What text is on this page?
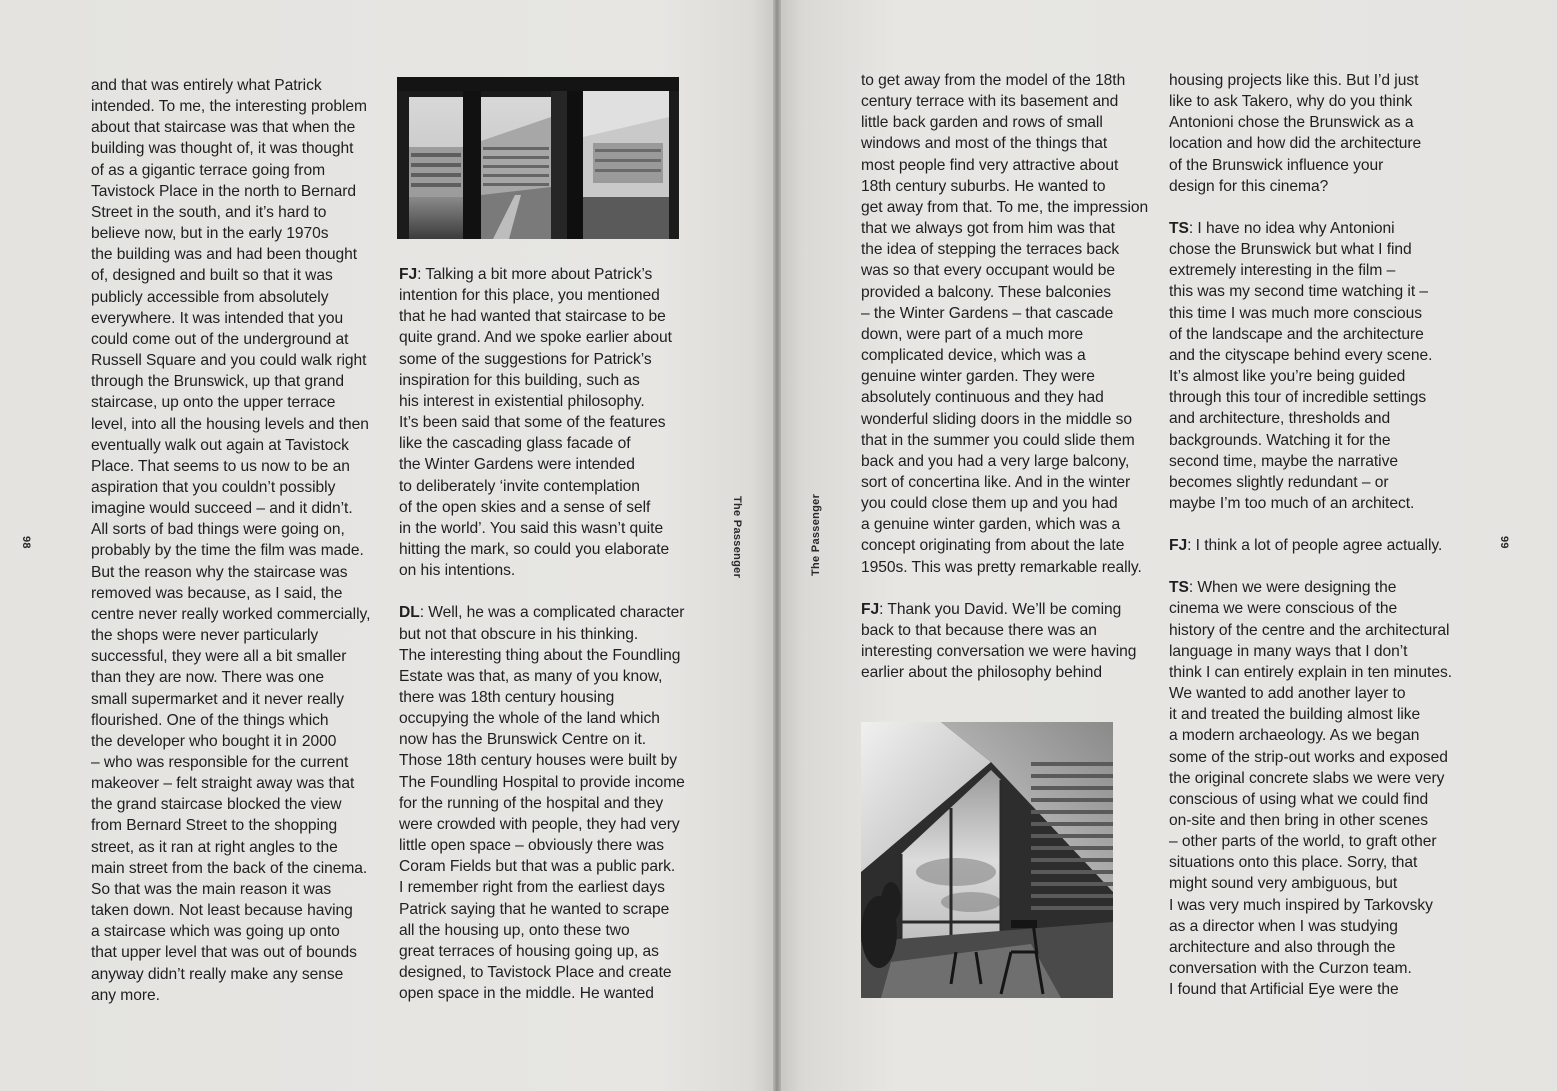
and that was entirely what Patrick
intended. To me, the interesting problem
about that staircase was that when the
building was thought of, it was thought
of as a gigantic terrace going from
Tavistock Place in the north to Bernard
Street in the south, and it’s hard to
believe now, but in the early 1970s
the building was and had been thought
of, designed and built so that it was
publicly accessible from absolutely
everywhere. It was intended that you
could come out of the underground at
Russell Square and you could walk right
through the Brunswick, up that grand
staircase, up onto the upper terrace
level, into all the housing levels and then
eventually walk out again at Tavistock
Place. That seems to us now to be an
aspiration that you couldn’t possibly
imagine would succeed – and it didn’t.
All sorts of bad things were going on,
probably by the time the film was made.
But the reason why the staircase was
removed was because, as I said, the
centre never really worked commercially,
the shops were never particularly
successful, they were all a bit smaller
than they are now. There was one
small supermarket and it never really
flourished. One of the things which
the developer who bought it in 2000
– who was responsible for the current
makeover – felt straight away was that
the grand staircase blocked the view
from Bernard Street to the shopping
street, as it ran at right angles to the
main street from the back of the cinema.
So that was the main reason it was
taken down. Not least because having
a staircase which was going up onto
that upper level that was out of bounds
anyway didn’t really make any sense
any more.

FJ: Talking a bit more about Patrick’s
intention for this place, you mentioned
that he had wanted that staircase to be
quite grand. And we spoke earlier about
some of the suggestions for Patrick’s
inspiration for this building, such as
his interest in existential philosophy.
It’s been said that some of the features
like the cascading glass facade of
the Winter Gardens were intended
to deliberately ‘invite contemplation
of the open skies and a sense of self
in the world’. You said this wasn’t quite
hitting the mark, so could you elaborate
on his intentions.

DL: Well, he was a complicated character
but not that obscure in his thinking.
The interesting thing about the Foundling
Estate was that, as many of you know,
there was 18th century housing
occupying the whole of the land which
now has the Brunswick Centre on it.
Those 18th century houses were built by
The Foundling Hospital to provide income
for the running of the hospital and they
were crowded with people, they had very
little open space – obviously there was
Coram Fields but that was a public park.
I remember right from the earliest days
Patrick saying that he wanted to scrape
all the housing up, onto these two
great terraces of housing going up, as
designed, to Tavistock Place and create
open space in the middle. He wanted

to get away from the model of the 18th
century terrace with its basement and
little back garden and rows of small
windows and most of the things that
most people find very attractive about
18th century suburbs. He wanted to
get away from that. To me, the impression
that we always got from him was that
the idea of stepping the terraces back
was so that every occupant would be
provided a balcony. These balconies
– the Winter Gardens – that cascade
down, were part of a much more
complicated device, which was a
genuine winter garden. They were
absolutely continuous and they had
wonderful sliding doors in the middle so
that in the summer you could slide them
back and you had a very large balcony,
sort of concertina like. And in the winter
you could close them up and you had
a genuine winter garden, which was a
concept originating from about the late
1950s. This was pretty remarkable really.

FJ: Thank you David. We’ll be coming
back to that because there was an
interesting conversation we were having
earlier about the philosophy behind

housing projects like this. But I’d just
like to ask Takero, why do you think
Antonioni chose the Brunswick as a
location and how did the architecture
of the Brunswick influence your
design for this cinema?

TS: I have no idea why Antonioni
chose the Brunswick but what I find
extremely interesting in the film –
this was my second time watching it –
this time I was much more conscious
of the landscape and the architecture
and the cityscape behind every scene.
It’s almost like you’re being guided
through this tour of incredible settings
and architecture, thresholds and
backgrounds. Watching it for the
second time, maybe the narrative
becomes slightly redundant – or
maybe I’m too much of an architect.

FJ: I think a lot of people agree actually.

TS: When we were designing the
cinema we were conscious of the
history of the centre and the architectural
language in many ways that I don’t
think I can entirely explain in ten minutes.
We wanted to add another layer to
it and treated the building almost like
a modern archaeology. As we began
some of the strip-out works and exposed
the original concrete slabs we were very
conscious of using what we could find
on-site and then bring in other scenes
– other parts of the world, to graft other
situations onto this place. Sorry, that
might sound very ambiguous, but
I was very much inspired by Tarkovsky
as a director when I was studying
architecture and also through the
conversation with the Curzon team.
I found that Artificial Eye were the

98	The Passenger	The Passenger	99
